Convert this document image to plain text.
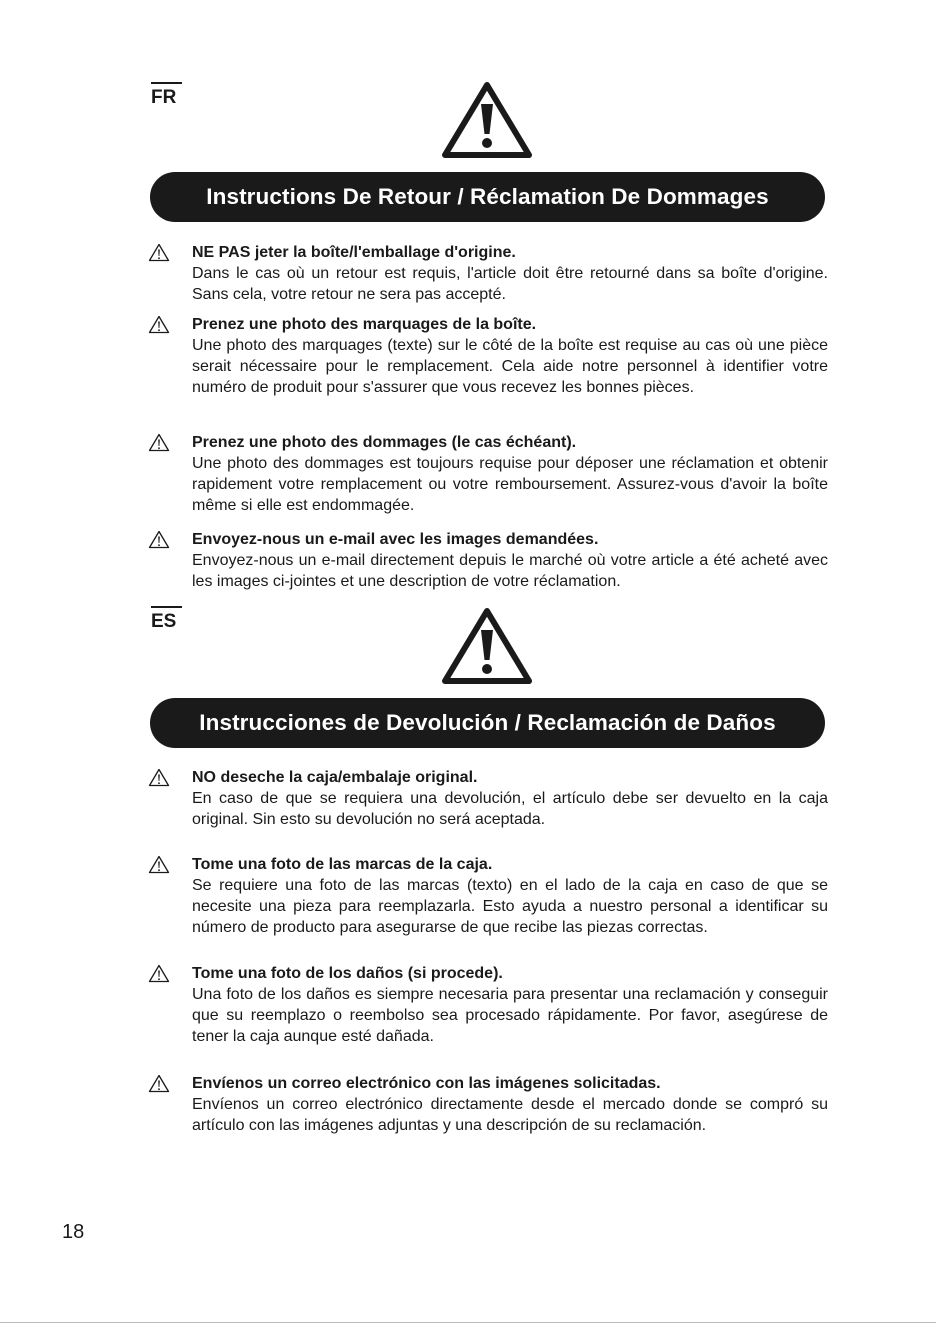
FR
Instructions De Retour / Réclamation De Dommages
NE PAS jeter la boîte/l'emballage d'origine.
Dans le cas où un retour est requis, l'article doit être retourné dans sa boîte d'origine. Sans cela, votre retour ne sera pas accepté.
Prenez une photo des marquages de la boîte.
Une photo des marquages (texte) sur le côté de la boîte est requise au cas où une pièce serait nécessaire pour le remplacement. Cela aide notre personnel à identifier votre numéro de produit pour s'assurer que vous recevez les bonnes pièces.
Prenez une photo des dommages (le cas échéant).
Une photo des dommages est toujours requise pour déposer une réclamation et obtenir rapidement votre remplacement ou votre remboursement. Assurez-vous d'avoir la boîte même si elle est endommagée.
Envoyez-nous un e-mail avec les images demandées.
Envoyez-nous un e-mail directement depuis le marché où votre article a été acheté avec les images ci-jointes et une description de votre réclamation.
ES
Instrucciones de Devolución / Reclamación de Daños
NO deseche la caja/embalaje original.
En caso de que se requiera una devolución, el artículo debe ser devuelto en la caja original. Sin esto su devolución no será aceptada.
Tome una foto de las marcas de la caja.
Se requiere una foto de las marcas (texto) en el lado de la caja en caso de que se necesite una pieza para reemplazarla. Esto ayuda a nuestro personal a identificar su número de producto para asegurarse de que recibe las piezas correctas.
Tome una foto de los daños (si procede).
Una foto de los daños es siempre necesaria para presentar una reclamación y conseguir que su reemplazo o reembolso sea procesado rápidamente. Por favor, asegúrese de tener la caja aunque esté dañada.
Envíenos un correo electrónico con las imágenes solicitadas.
Envíenos un correo electrónico directamente desde el mercado donde se compró su artículo con las imágenes adjuntas y una descripción de su reclamación.
18
